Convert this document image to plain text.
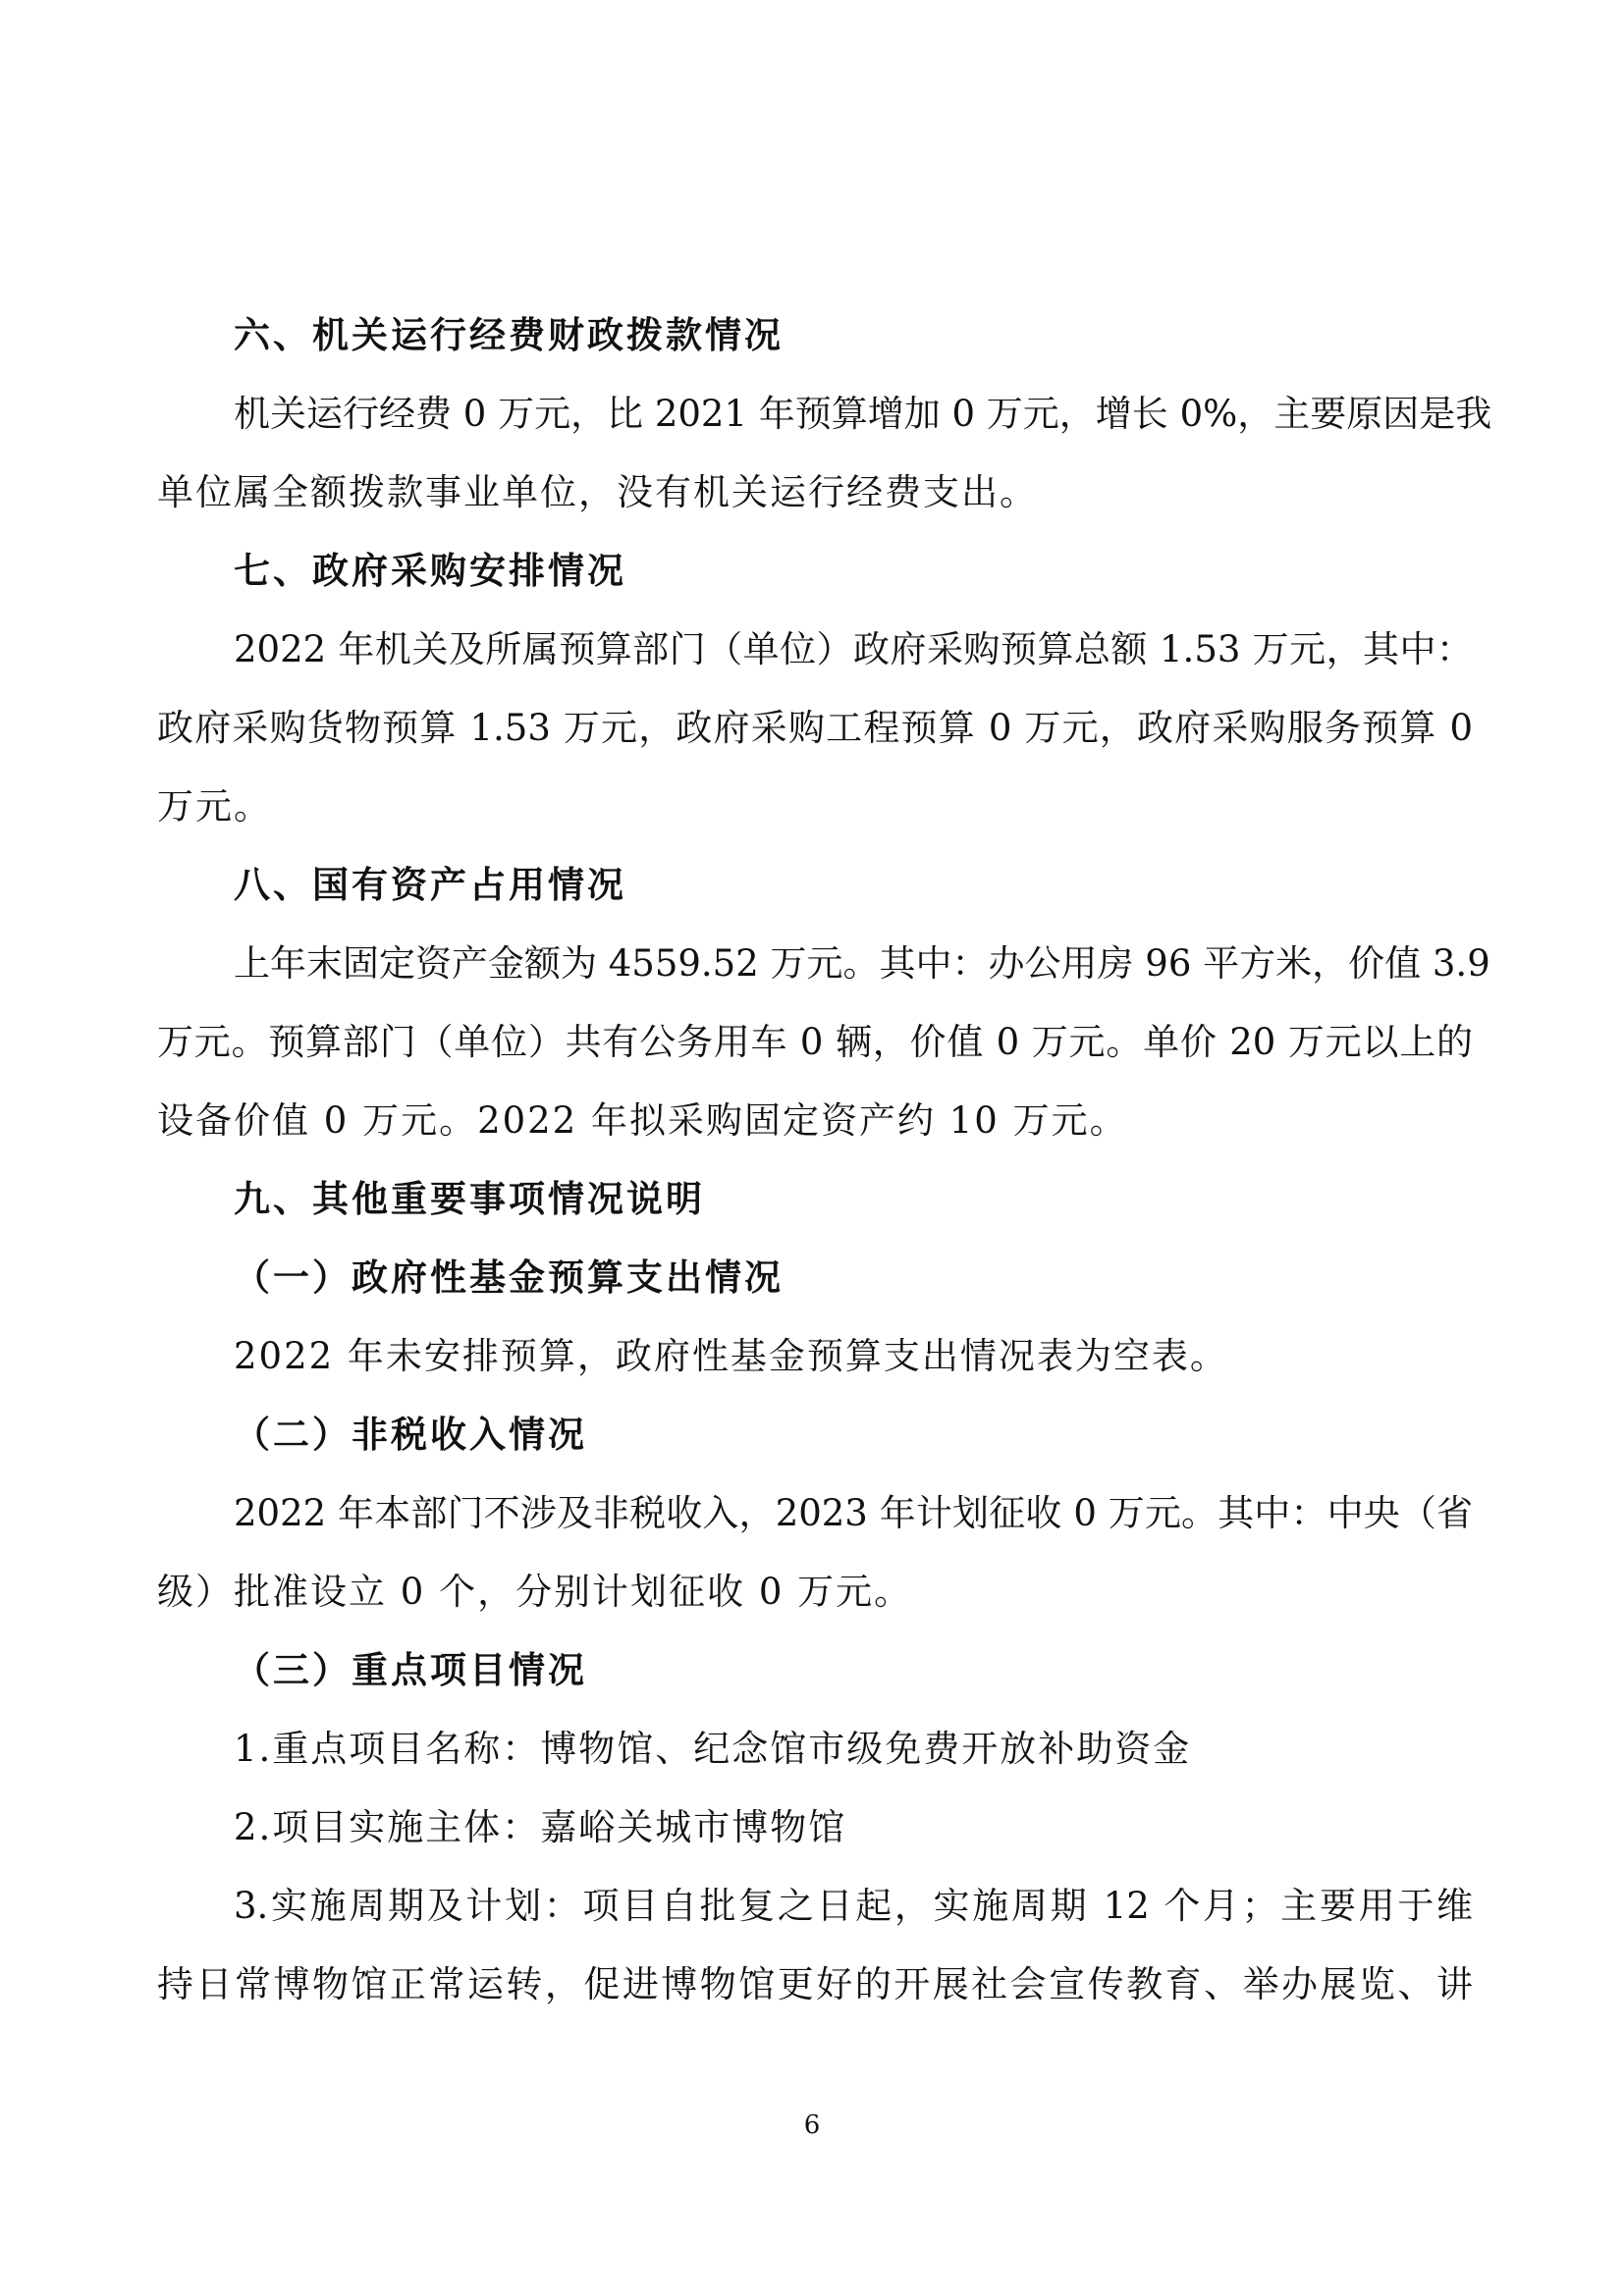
六、机关运行经费财政拨款情况
机关运行经费 0 万元，比 2021 年预算增加 0 万元，增长 0%，主要原因是我
单位属全额拨款事业单位，没有机关运行经费支出。
七、政府采购安排情况
2022 年机关及所属预算部门（单位）政府采购预算总额 1.53 万元，其中：
政府采购货物预算 1.53 万元，政府采购工程预算 0 万元，政府采购服务预算 0
万元。
八、国有资产占用情况
上年末固定资产金额为 4559.52 万元。其中：办公用房 96 平方米，价值 3.9
万元。预算部门（单位）共有公务用车 0 辆，价值 0 万元。单价 20 万元以上的
设备价值 0 万元。2022 年拟采购固定资产约 10 万元。
九、其他重要事项情况说明
（一）政府性基金预算支出情况
2022 年未安排预算，政府性基金预算支出情况表为空表。
（二）非税收入情况
2022 年本部门不涉及非税收入，2023 年计划征收 0 万元。其中：中央（省
级）批准设立 0 个，分别计划征收 0 万元。
（三）重点项目情况
1.重点项目名称：博物馆、纪念馆市级免费开放补助资金
2.项目实施主体：嘉峪关城市博物馆
3.实施周期及计划：项目自批复之日起，实施周期 12 个月；主要用于维
持日常博物馆正常运转，促进博物馆更好的开展社会宣传教育、举办展览、讲
6
